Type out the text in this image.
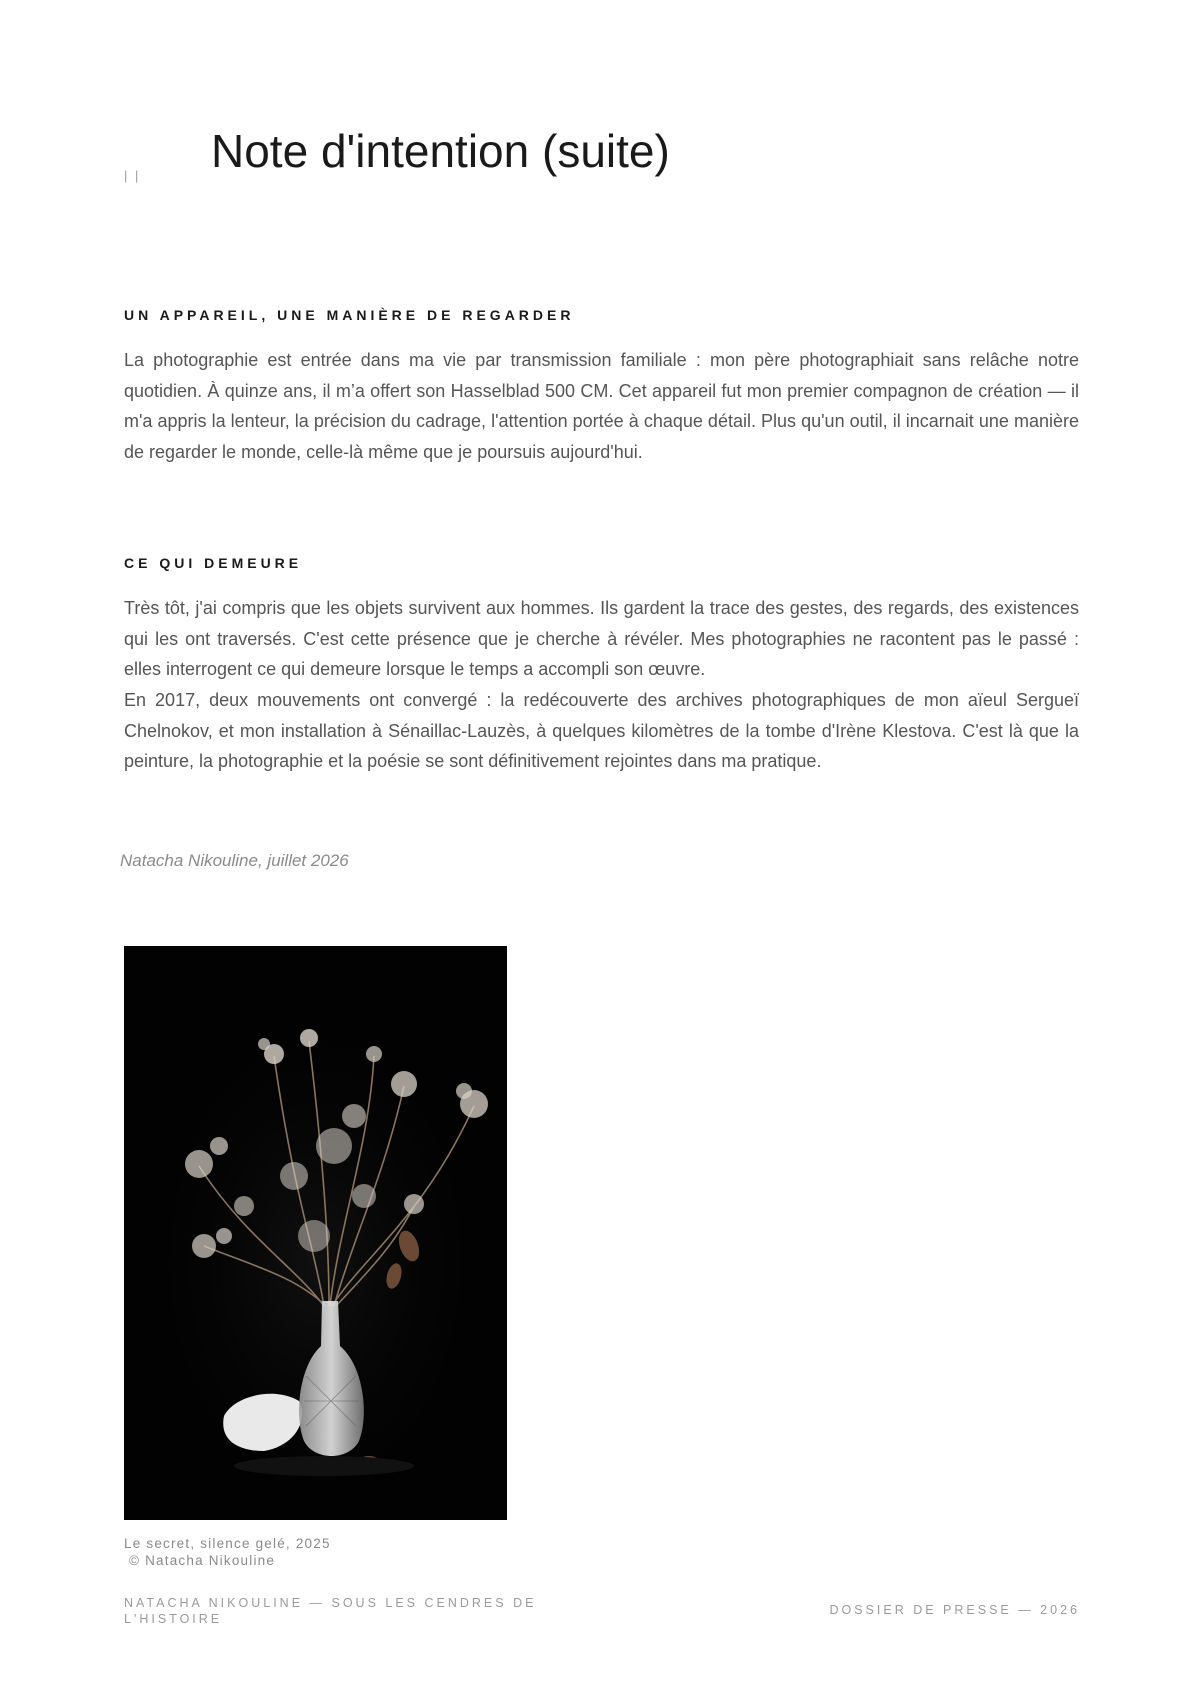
| | Note d'intention (suite)
UN APPAREIL, UNE MANIÈRE DE REGARDER

La photographie est entrée dans ma vie par transmission familiale : mon père photographiait sans relâche notre quotidien. À quinze ans, il m’a offert son Hasselblad 500 CM. Cet appareil fut mon premier compagnon de création — il m'a appris la lenteur, la précision du cadrage, l'attention portée à chaque détail. Plus qu'un outil, il incarnait une manière de regarder le monde, celle-là même que je poursuis aujourd'hui.

CE QUI DEMEURE

Très tôt, j'ai compris que les objets survivent aux hommes. Ils gardent la trace des gestes, des regards, des existences qui les ont traversés. C'est cette présence que je cherche à révéler. Mes photographies ne racontent pas le passé : elles interrogent ce qui demeure lorsque le temps a accompli son œuvre.

En 2017, deux mouvements ont convergé : la redécouverte des archives photographiques de mon aïeul Sergueï Chelnokov, et mon installation à Sénaillac-Lauzès, à quelques kilomètres de la tombe d'Irène Klestova. C'est là que la peinture, la photographie et la poésie se sont définitivement rejointes dans ma pratique.

Natacha Nikouline, juillet 2026
Le secret, silence gelé, 2025
© Natacha Nikouline
NATACHA NIKOULINE — SOUS LES CENDRES DE L'HISTOIRE
DOSSIER DE PRESSE — 2026
